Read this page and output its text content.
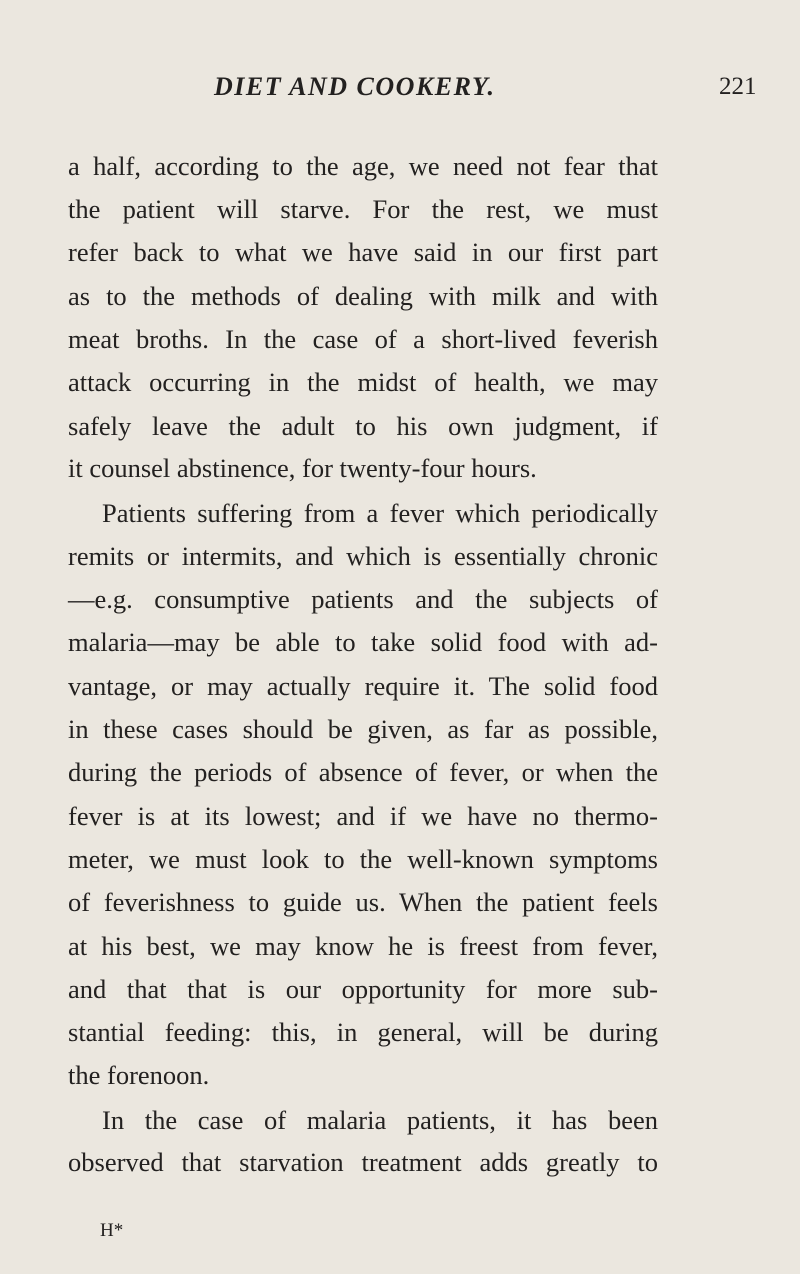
DIET AND COOKERY.	221
a half, according to the age, we need not fear that
the patient will starve. For the rest, we must
refer back to what we have said in our first part
as to the methods of dealing with milk and with
meat broths. In the case of a short-lived feverish
attack occurring in the midst of health, we may
safely leave the adult to his own judgment, if
it counsel abstinence, for twenty-four hours.
Patients suffering from a fever which periodically
remits or intermits, and which is essentially chronic
—e.g. consumptive patients and the subjects of
malaria—may be able to take solid food with ad-
vantage, or may actually require it. The solid food
in these cases should be given, as far as possible,
during the periods of absence of fever, or when the
fever is at its lowest; and if we have no thermo-
meter, we must look to the well-known symptoms
of feverishness to guide us. When the patient feels
at his best, we may know he is freest from fever,
and that that is our opportunity for more sub-
stantial feeding: this, in general, will be during
the forenoon.
In the case of malaria patients, it has been
observed that starvation treatment adds greatly to
H*
